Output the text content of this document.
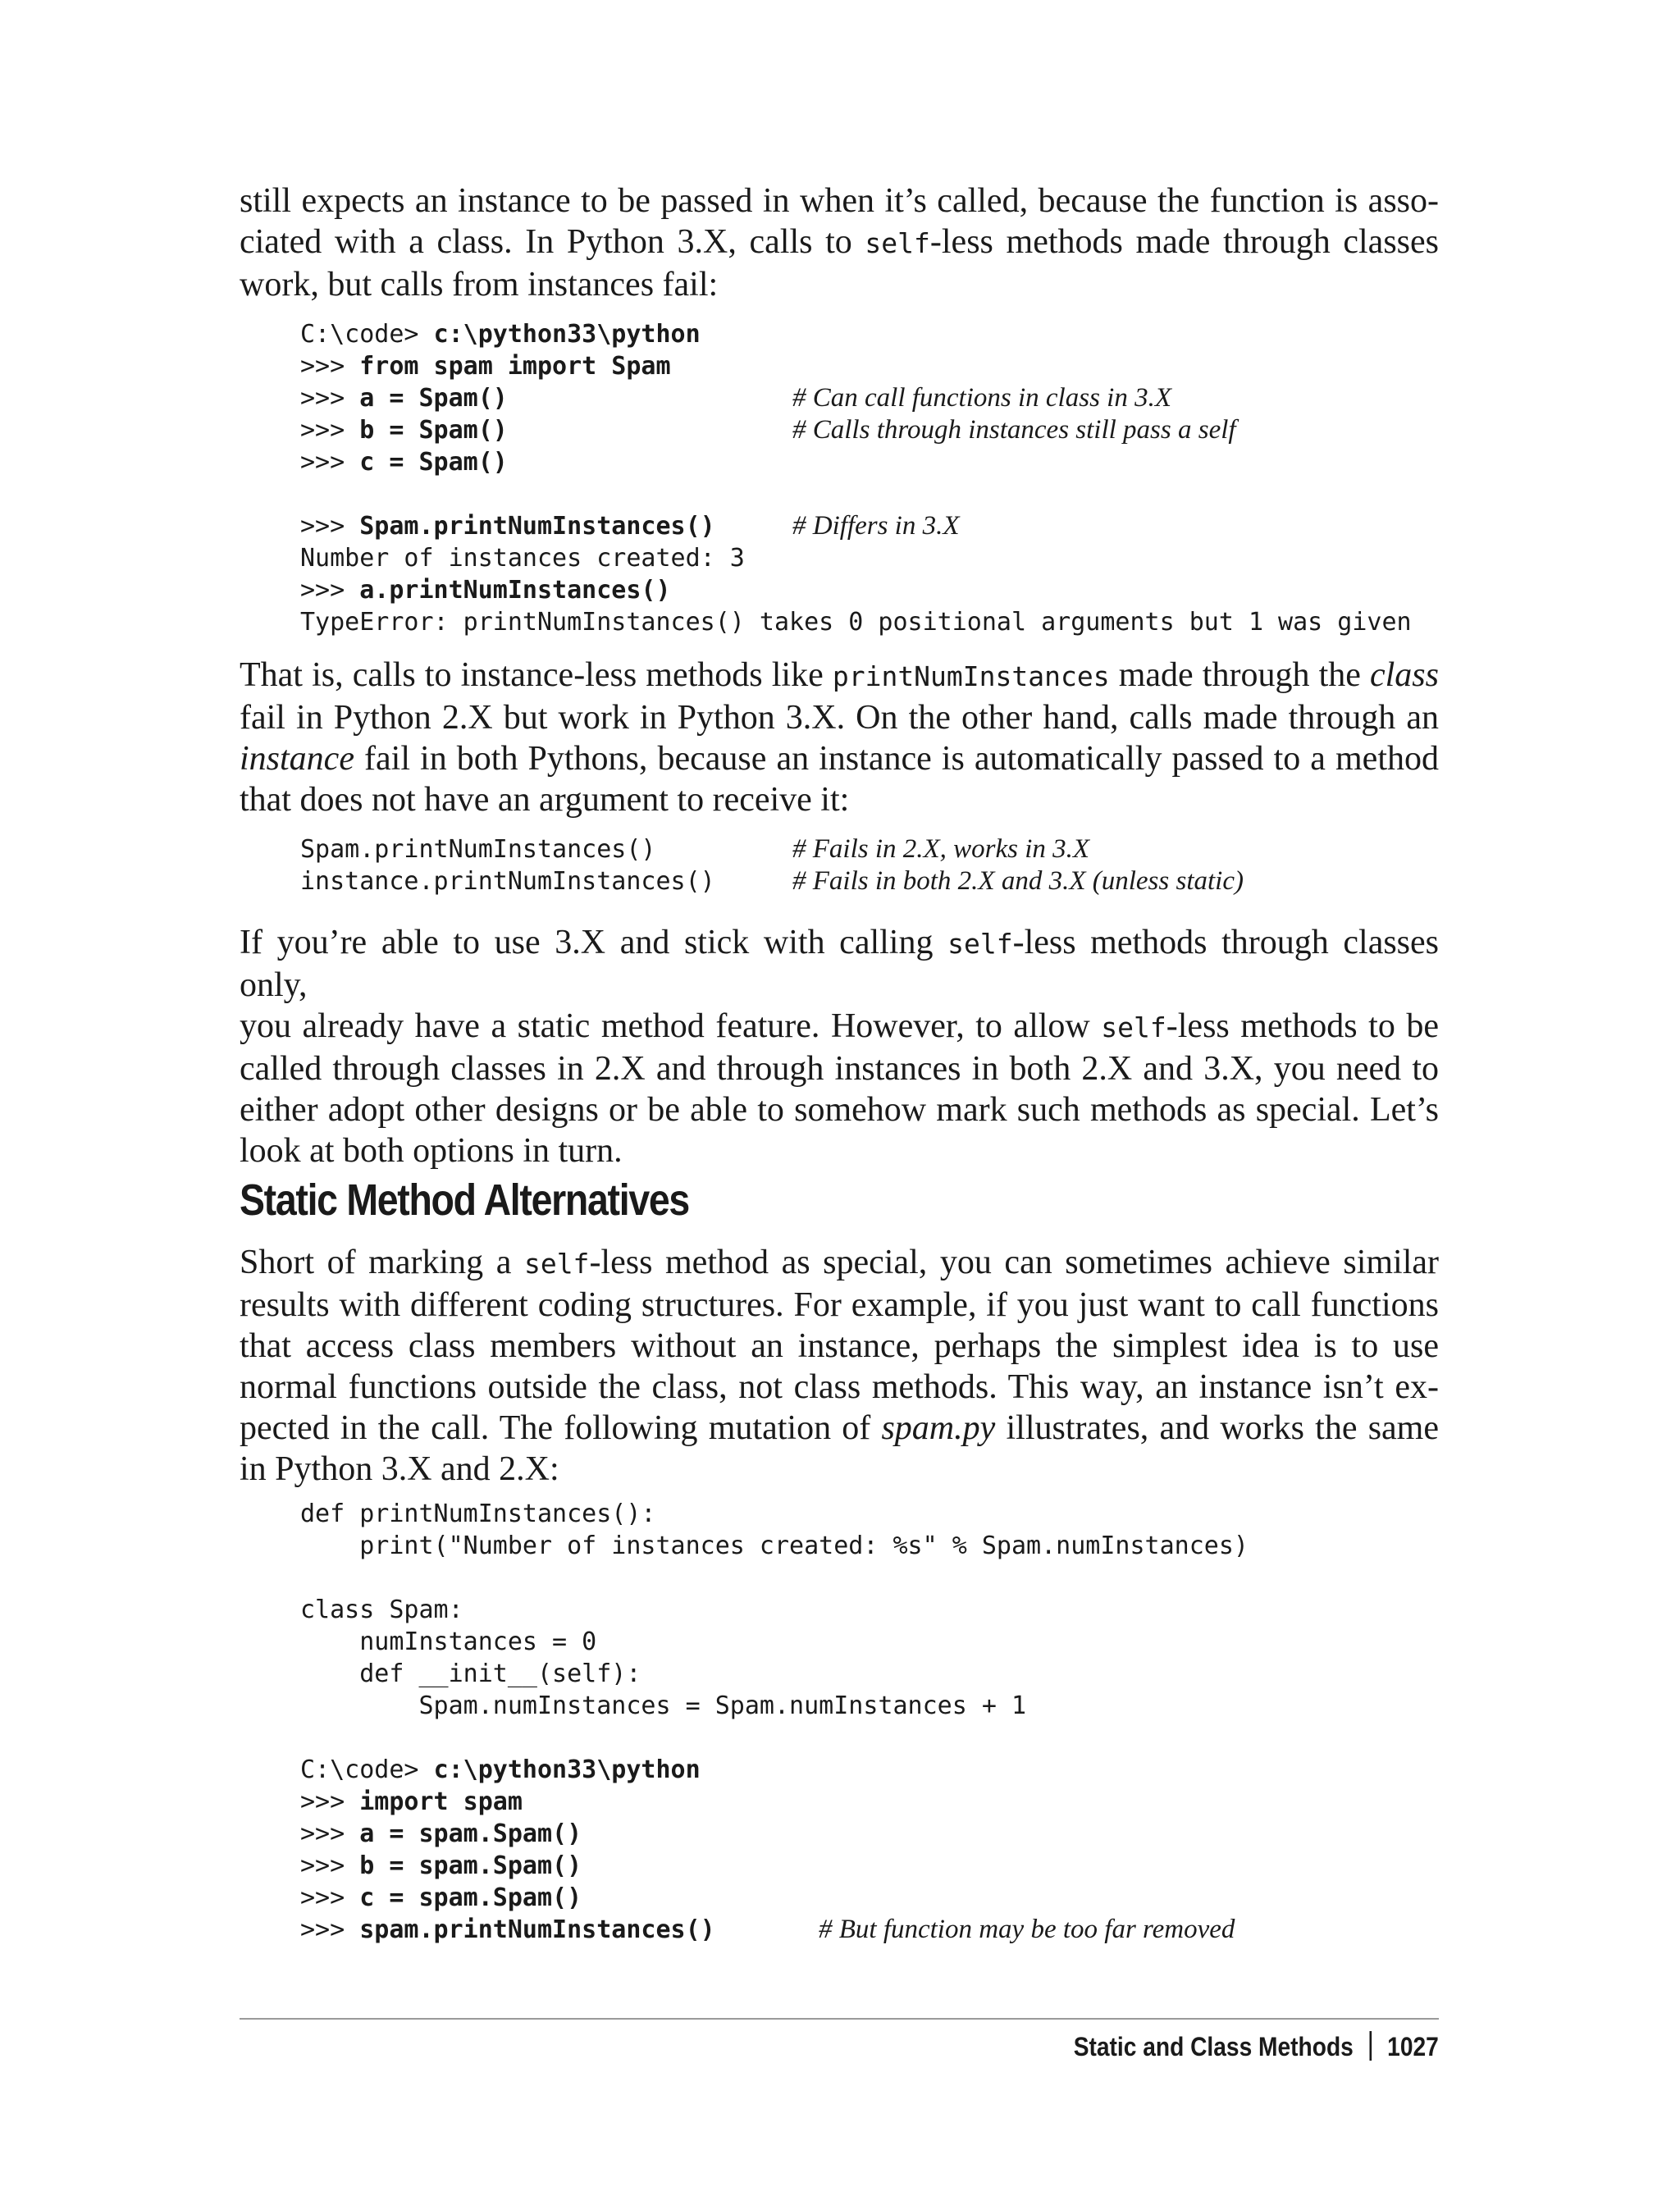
still expects an instance to be passed in when it’s called, because the function is asso-
ciated with a class. In Python 3.X, calls to self-less methods made through classes
work, but calls from instances fail:
C:\code> c:\python33\python
>>> from spam import Spam
>>> a = Spam()	# Can call functions in class in 3.X
>>> b = Spam()	# Calls through instances still pass a self
>>> c = Spam()
>>> Spam.printNumInstances()	# Differs in 3.X
Number of instances created: 3
>>> a.printNumInstances()
TypeError: printNumInstances() takes 0 positional arguments but 1 was given
That is, calls to instance-less methods like printNumInstances made through the class
fail in Python 2.X but work in Python 3.X. On the other hand, calls made through an
instance fail in both Pythons, because an instance is automatically passed to a method
that does not have an argument to receive it:
Spam.printNumInstances()	# Fails in 2.X, works in 3.X
instance.printNumInstances()	# Fails in both 2.X and 3.X (unless static)
If you’re able to use 3.X and stick with calling self-less methods through classes only,
you already have a static method feature. However, to allow self-less methods to be
called through classes in 2.X and through instances in both 2.X and 3.X, you need to
either adopt other designs or be able to somehow mark such methods as special. Let’s
look at both options in turn.
Static Method Alternatives
Short of marking a self-less method as special, you can sometimes achieve similar
results with different coding structures. For example, if you just want to call functions
that access class members without an instance, perhaps the simplest idea is to use
normal functions outside the class, not class methods. This way, an instance isn’t ex-
pected in the call. The following mutation of spam.py illustrates, and works the same
in Python 3.X and 2.X:
def printNumInstances():
print("Number of instances created: %s" % Spam.numInstances)
class Spam:
numInstances = 0
def __init__(self):
Spam.numInstances = Spam.numInstances + 1
C:\code> c:\python33\python
>>> import spam
>>> a = spam.Spam()
>>> b = spam.Spam()
>>> c = spam.Spam()
>>> spam.printNumInstances()	# But function may be too far removed
Static and Class Methods 1027
